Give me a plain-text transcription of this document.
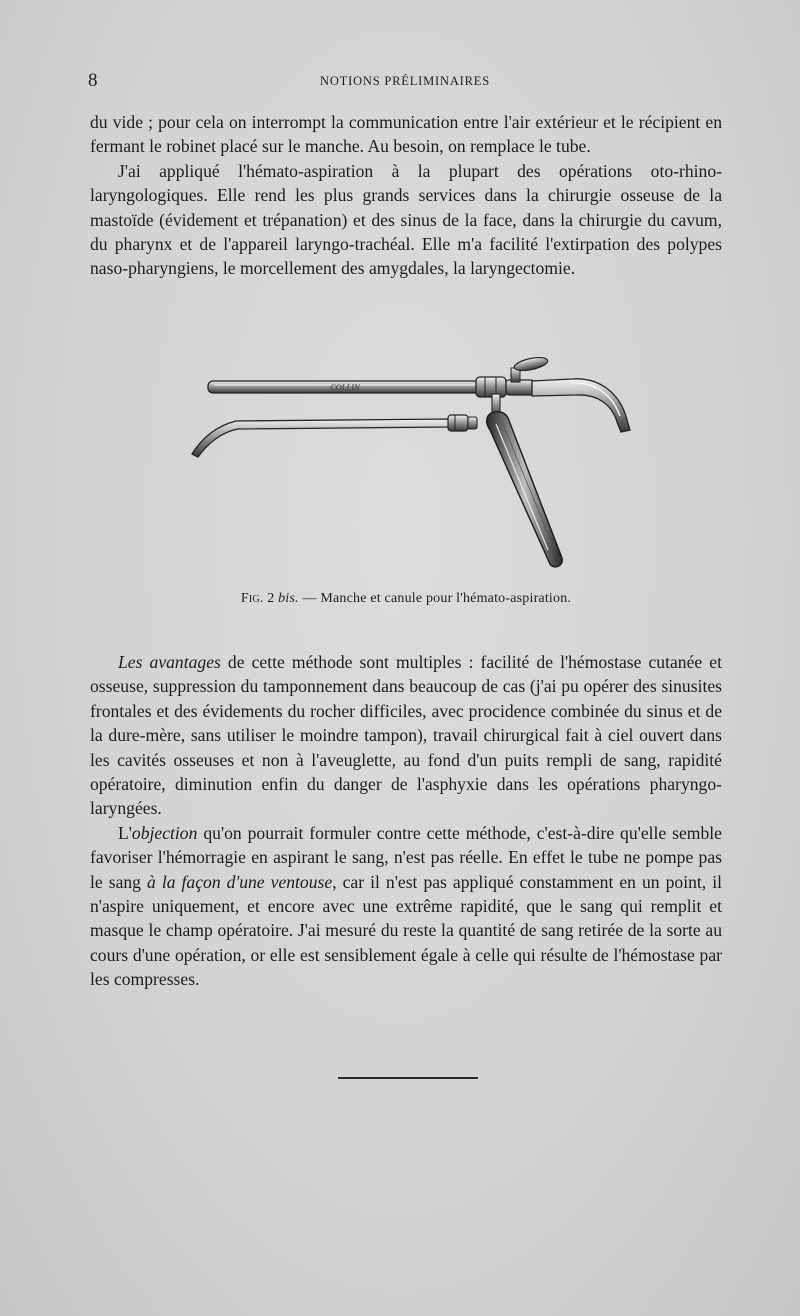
8	NOTIONS PRÉLIMINAIRES

du vide ; pour cela on interrompt la communication entre l'air extérieur et le récipient en fermant le robinet placé sur le manche. Au besoin, on remplace le tube.

J'ai appliqué l'hémato-aspiration à la plupart des opérations oto-rhino-laryngologiques. Elle rend les plus grands services dans la chirurgie osseuse de la mastoïde (évidement et trépanation) et des sinus de la face, dans la chirurgie du cavum, du pharynx et de l'appareil laryngo-trachéal. Elle m'a facilité l'extirpation des polypes naso-pharyngiens, le morcellement des amygdales, la laryngectomie.

COLLIN
Fig. 2 bis. — Manche et canule pour l'hémato-aspiration.

Les avantages de cette méthode sont multiples : facilité de l'hémostase cutanée et osseuse, suppression du tamponnement dans beaucoup de cas (j'ai pu opérer des sinusites frontales et des évidements du rocher difficiles, avec procidence combinée du sinus et de la dure-mère, sans utiliser le moindre tampon), travail chirurgical fait à ciel ouvert dans les cavités osseuses et non à l'aveuglette, au fond d'un puits rempli de sang, rapidité opératoire, diminution enfin du danger de l'asphyxie dans les opérations pharyngo-laryngées.

L'objection qu'on pourrait formuler contre cette méthode, c'est-à-dire qu'elle semble favoriser l'hémorragie en aspirant le sang, n'est pas réelle. En effet le tube ne pompe pas le sang à la façon d'une ventouse, car il n'est pas appliqué constamment en un point, il n'aspire uniquement, et encore avec une extrême rapidité, que le sang qui remplit et masque le champ opératoire. J'ai mesuré du reste la quantité de sang retirée de la sorte au cours d'une opération, or elle est sensiblement égale à celle qui résulte de l'hémostase par les compresses.
